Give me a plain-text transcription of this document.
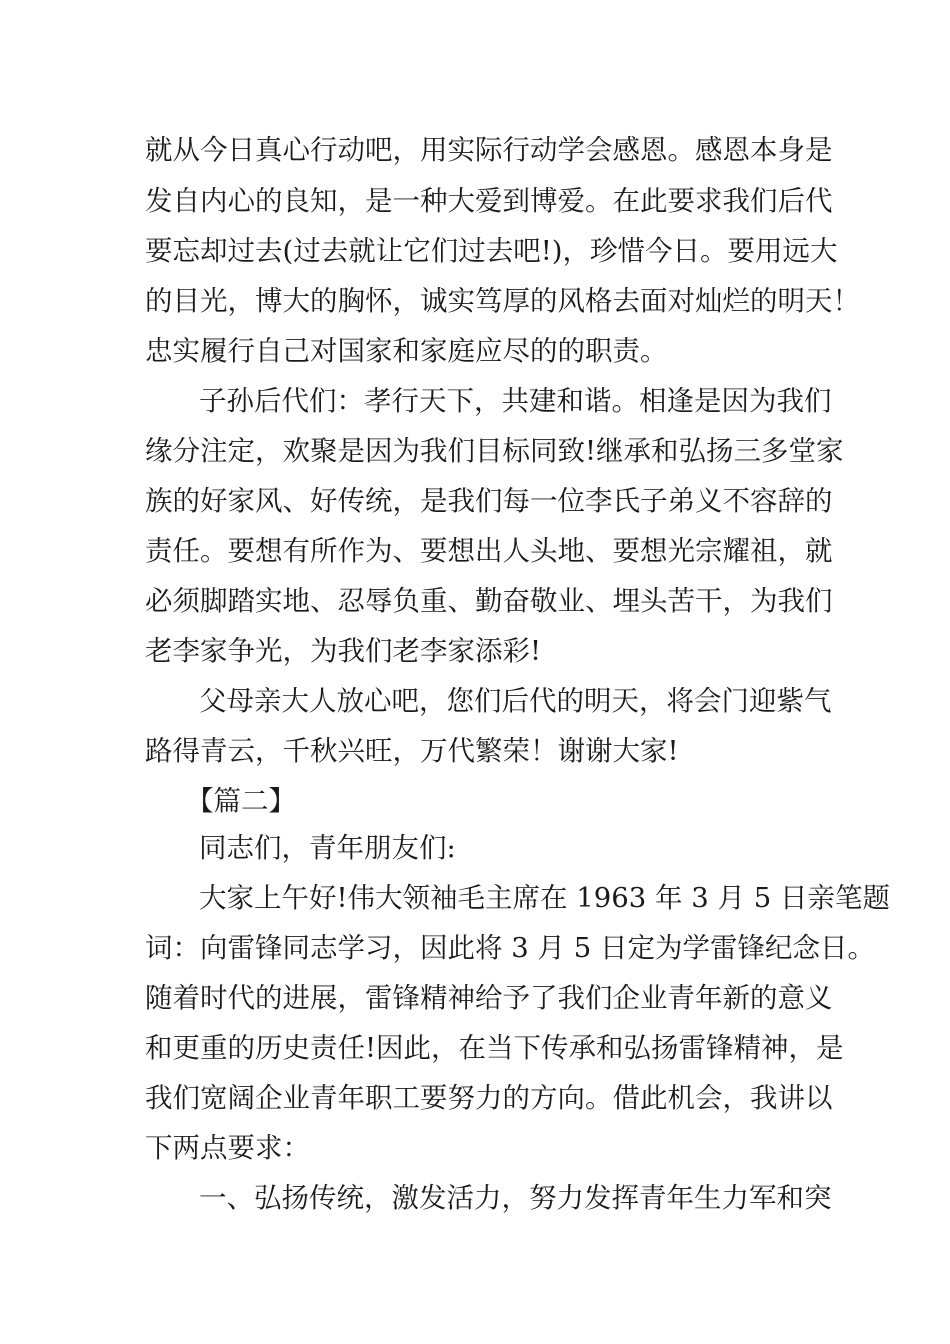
就从今日真心行动吧，用实际行动学会感恩。感恩本身是
发自内心的良知，是一种大爱到博爱。在此要求我们后代
要忘却过去(过去就让它们过去吧!)，珍惜今日。要用远大
的目光，博大的胸怀，诚实笃厚的风格去面对灿烂的明天！
忠实履行自己对国家和家庭应尽的的职责。
子孙后代们：孝行天下，共建和谐。相逢是因为我们
缘分注定，欢聚是因为我们目标同致!继承和弘扬三多堂家
族的好家风、好传统，是我们每一位李氏子弟义不容辞的
责任。要想有所作为、要想出人头地、要想光宗耀祖，就
必须脚踏实地、忍辱负重、勤奋敬业、埋头苦干，为我们
老李家争光，为我们老李家添彩!
父母亲大人放心吧，您们后代的明天，将会门迎紫气
路得青云，千秋兴旺，万代繁荣！谢谢大家!
【篇二】
同志们，青年朋友们:
大家上午好!伟大领袖毛主席在 1963 年 3 月 5 日亲笔题
词：向雷锋同志学习，因此将 3 月 5 日定为学雷锋纪念日。
随着时代的进展，雷锋精神给予了我们企业青年新的意义
和更重的历史责任!因此，在当下传承和弘扬雷锋精神，是
我们宽阔企业青年职工要努力的方向。借此机会，我讲以
下两点要求：
一、弘扬传统，激发活力，努力发挥青年生力军和突
